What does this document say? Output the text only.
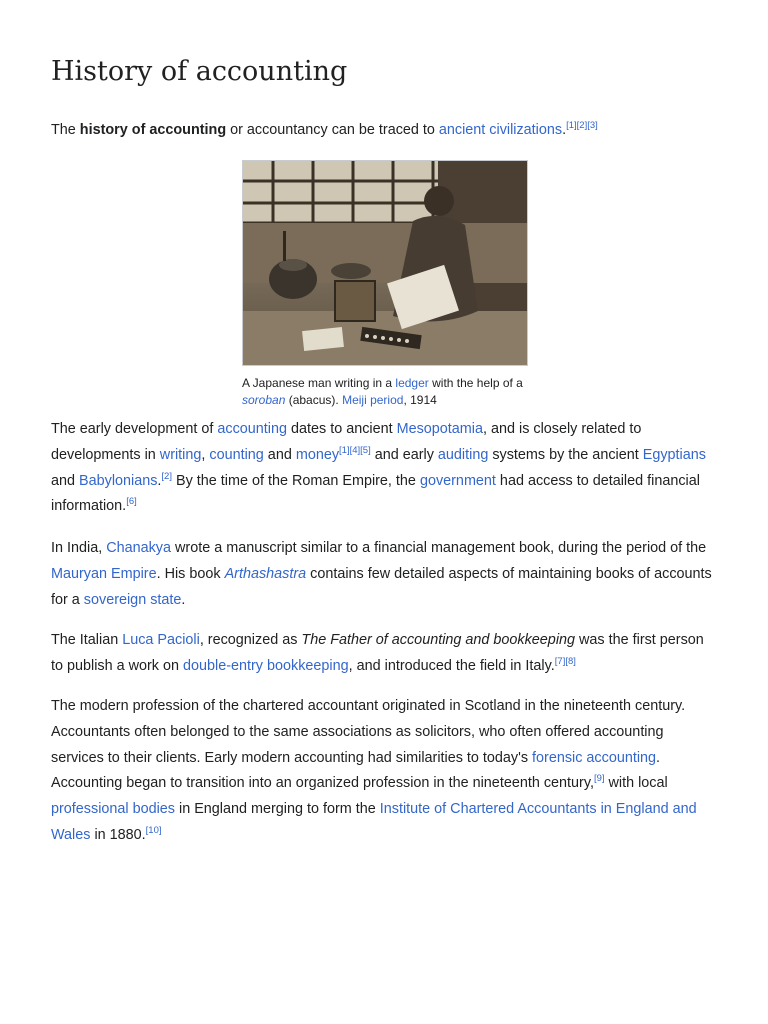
History of accounting

The history of accounting or accountancy can be traced to ancient civilizations.[1][2][3]

A Japanese man writing in a ledger with the help of a soroban (abacus). Meiji period, 1914

The early development of accounting dates to ancient Mesopotamia, and is closely related to developments in writing, counting and money[1][4][5] and early auditing systems by the ancient Egyptians and Babylonians.[2] By the time of the Roman Empire, the government had access to detailed financial information.[6]

In India, Chanakya wrote a manuscript similar to a financial management book, during the period of the Mauryan Empire. His book Arthashastra contains few detailed aspects of maintaining books of accounts for a sovereign state.

The Italian Luca Pacioli, recognized as The Father of accounting and bookkeeping was the first person to publish a work on double-entry bookkeeping, and introduced the field in Italy.[7][8]

The modern profession of the chartered accountant originated in Scotland in the nineteenth century. Accountants often belonged to the same associations as solicitors, who often offered accounting services to their clients. Early modern accounting had similarities to today's forensic accounting. Accounting began to transition into an organized profession in the nineteenth century,[9] with local professional bodies in England merging to form the Institute of Chartered Accountants in England and Wales in 1880.[10]
